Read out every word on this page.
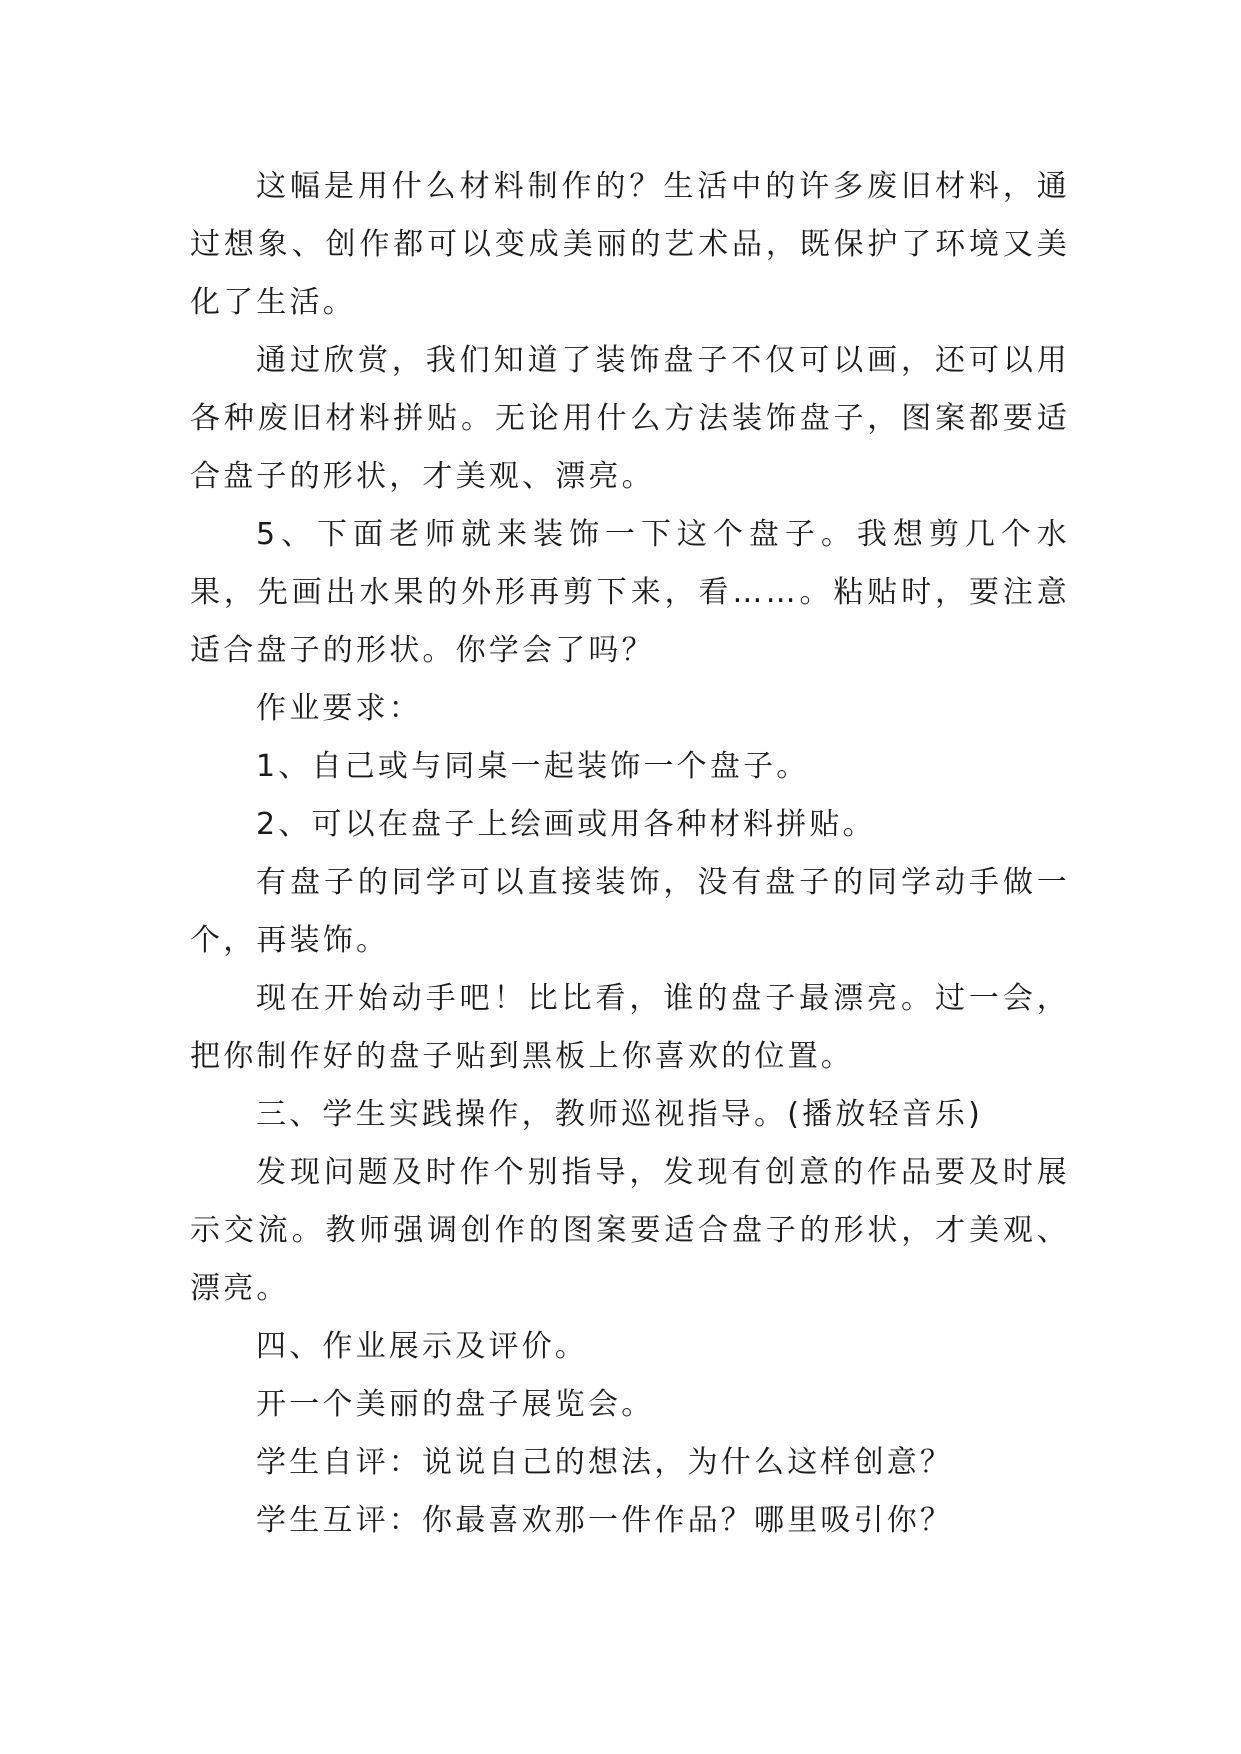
这幅是用什么材料制作的？生活中的许多废旧材料，通过想象、创作都可以变成美丽的艺术品，既保护了环境又美化了生活。

通过欣赏，我们知道了装饰盘子不仅可以画，还可以用各种废旧材料拼贴。无论用什么方法装饰盘子，图案都要适合盘子的形状，才美观、漂亮。

5、下面老师就来装饰一下这个盘子。我想剪几个水果，先画出水果的外形再剪下来，看……。粘贴时，要注意适合盘子的形状。你学会了吗？

作业要求：

1、自己或与同桌一起装饰一个盘子。

2、可以在盘子上绘画或用各种材料拼贴。

有盘子的同学可以直接装饰，没有盘子的同学动手做一个，再装饰。

现在开始动手吧！比比看，谁的盘子最漂亮。过一会，把你制作好的盘子贴到黑板上你喜欢的位置。

三、学生实践操作，教师巡视指导。(播放轻音乐)

发现问题及时作个别指导，发现有创意的作品要及时展示交流。教师强调创作的图案要适合盘子的形状，才美观、漂亮。

四、作业展示及评价。

开一个美丽的盘子展览会。

学生自评：说说自己的想法，为什么这样创意？

学生互评：你最喜欢那一件作品？哪里吸引你？
